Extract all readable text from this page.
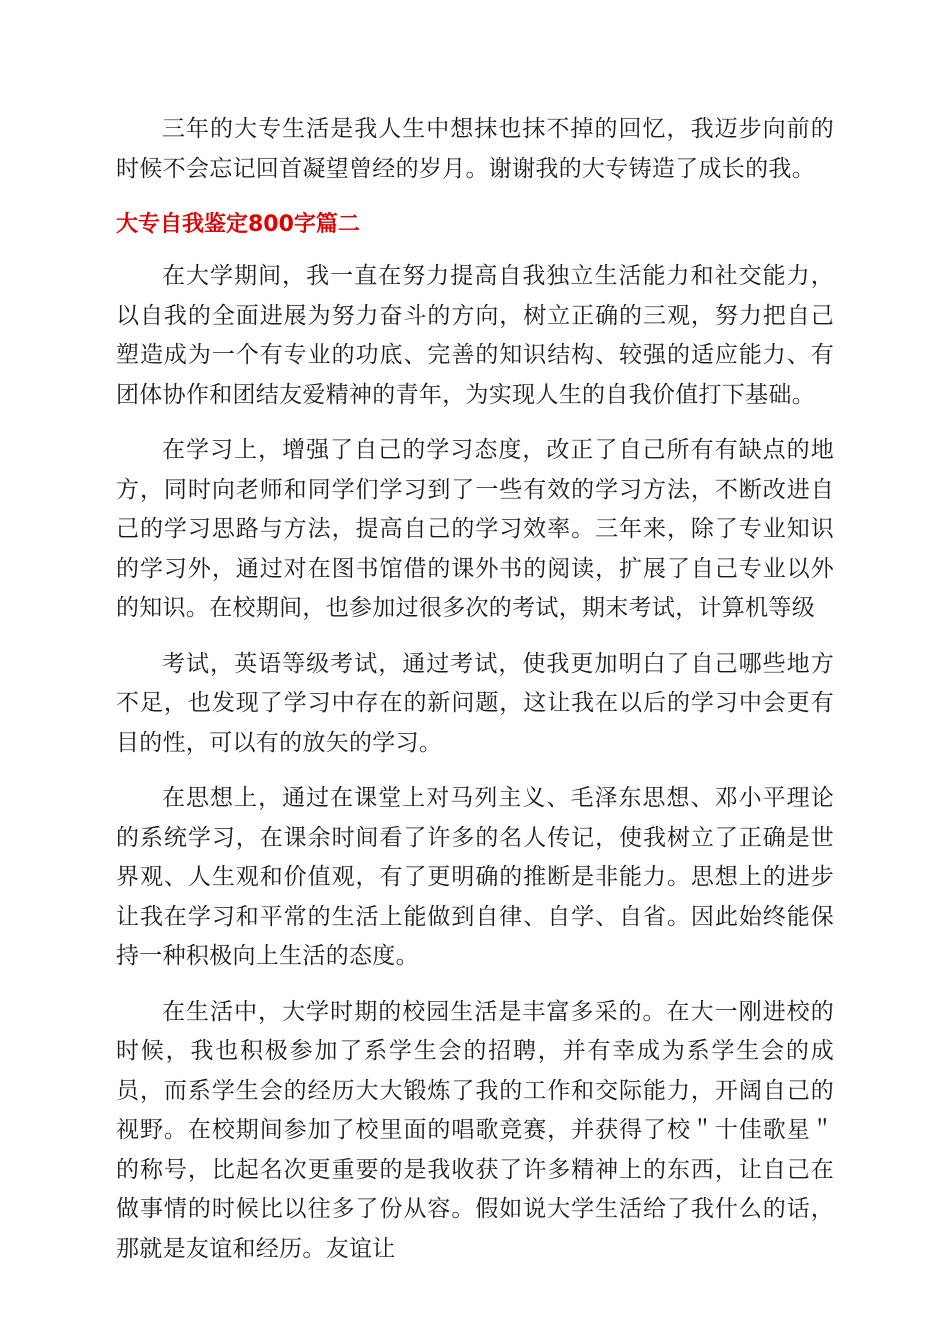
三年的大专生活是我人生中想抹也抹不掉的回忆，我迈步向前的时候不会忘记回首凝望曾经的岁月。谢谢我的大专铸造了成长的我。

大专自我鉴定800字篇二

在大学期间，我一直在努力提高自我独立生活能力和社交能力，以自我的全面进展为努力奋斗的方向，树立正确的三观，努力把自己塑造成为一个有专业的功底、完善的知识结构、较强的适应能力、有团体协作和团结友爱精神的青年，为实现人生的自我价值打下基础。

在学习上，增强了自己的学习态度，改正了自己所有有缺点的地方，同时向老师和同学们学习到了一些有效的学习方法，不断改进自己的学习思路与方法，提高自己的学习效率。三年来，除了专业知识的学习外，通过对在图书馆借的课外书的阅读，扩展了自己专业以外的知识。在校期间，也参加过很多次的考试，期末考试，计算机等级

考试，英语等级考试，通过考试，使我更加明白了自己哪些地方不足，也发现了学习中存在的新问题，这让我在以后的学习中会更有目的性，可以有的放矢的学习。

在思想上，通过在课堂上对马列主义、毛泽东思想、邓小平理论的系统学习，在课余时间看了许多的名人传记，使我树立了正确是世界观、人生观和价值观，有了更明确的推断是非能力。思想上的进步让我在学习和平常的生活上能做到自律、自学、自省。因此始终能保持一种积极向上生活的态度。

在生活中，大学时期的校园生活是丰富多采的。在大一刚进校的时候，我也积极参加了系学生会的招聘，并有幸成为系学生会的成员，而系学生会的经历大大锻炼了我的工作和交际能力，开阔自己的视野。在校期间参加了校里面的唱歌竞赛，并获得了校＂十佳歌星＂的称号，比起名次更重要的是我收获了许多精神上的东西，让自己在做事情的时候比以往多了份从容。假如说大学生活给了我什么的话，那就是友谊和经历。友谊让
